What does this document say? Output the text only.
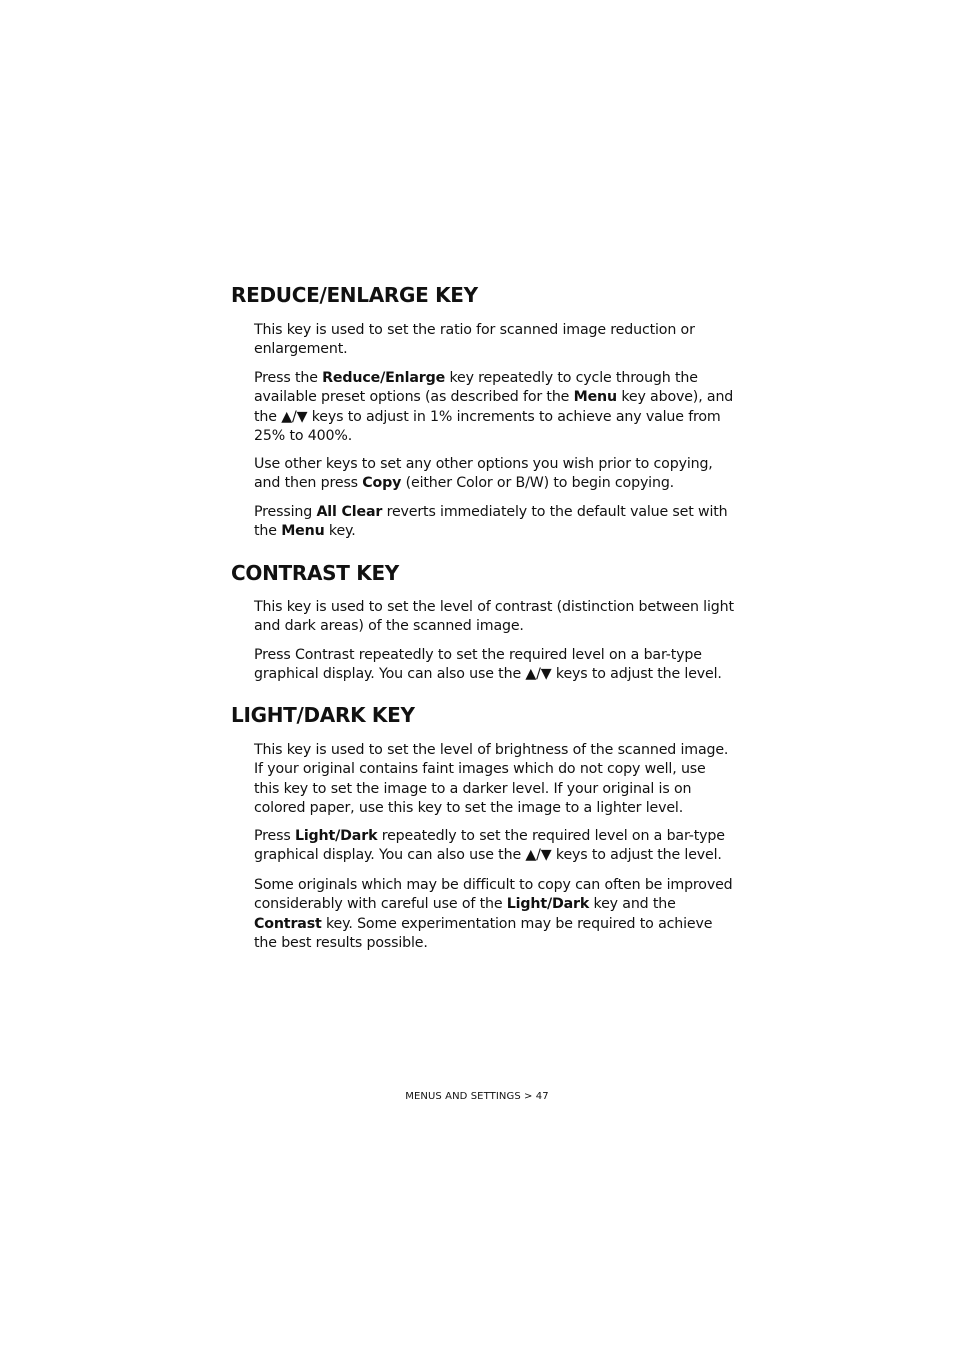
REDUCE/ENLARGE KEY

This key is used to set the ratio for scanned image reduction or enlargement.

Press the Reduce/Enlarge key repeatedly to cycle through the available preset options (as described for the Menu key above), and the ▲/▼ keys to adjust in 1% increments to achieve any value from 25% to 400%.

Use other keys to set any other options you wish prior to copying, and then press Copy (either Color or B/W) to begin copying.

Pressing All Clear reverts immediately to the default value set with the Menu key.

CONTRAST KEY

This key is used to set the level of contrast (distinction between light and dark areas) of the scanned image.

Press Contrast repeatedly to set the required level on a bar-type graphical display. You can also use the ▲/▼ keys to adjust the level.

LIGHT/DARK KEY

This key is used to set the level of brightness of the scanned image. If your original contains faint images which do not copy well, use this key to set the image to a darker level. If your original is on colored paper, use this key to set the image to a lighter level.

Press Light/Dark repeatedly to set the required level on a bar-type graphical display. You can also use the ▲/▼ keys to adjust the level.

Some originals which may be difficult to copy can often be improved considerably with careful use of the Light/Dark key and the Contrast key. Some experimentation may be required to achieve the best results possible.

MENUS AND SETTINGS > 47
